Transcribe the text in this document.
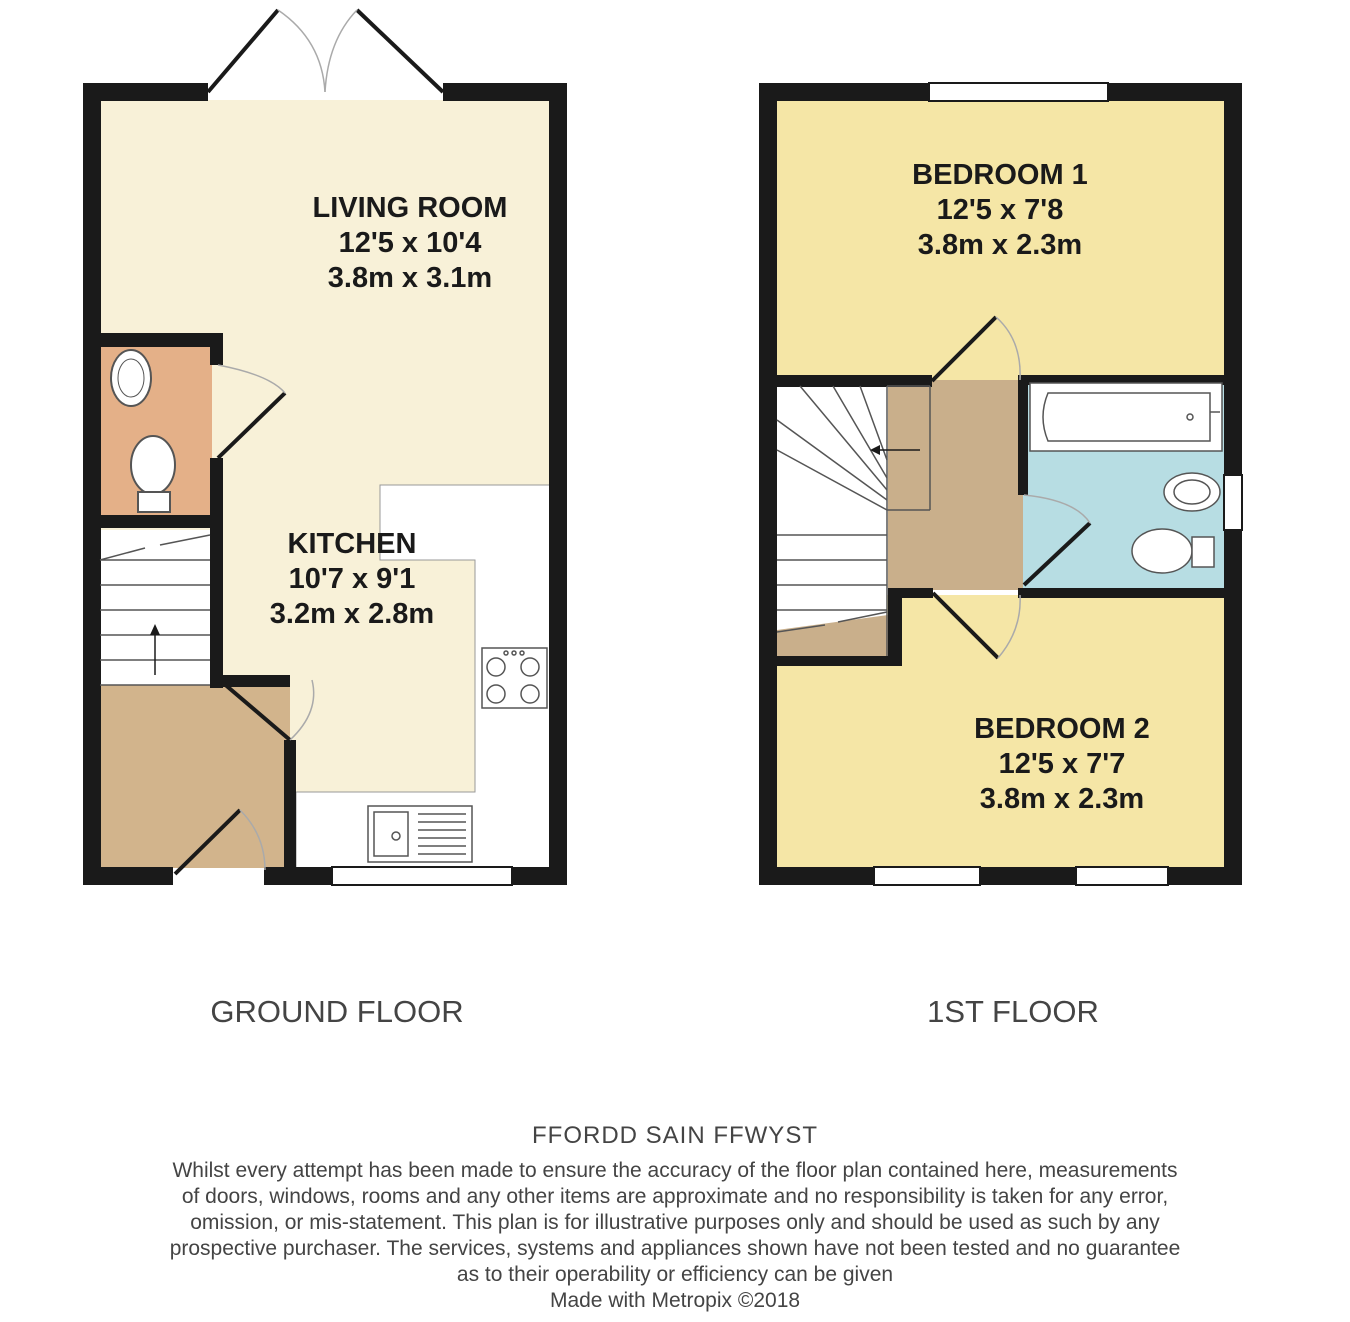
LIVING ROOM
12'5 x 10'4
3.8m x 3.1m
KITCHEN
10'7 x 9'1
3.2m x 2.8m
BEDROOM 1
12'5 x 7'8
3.8m x 2.3m
BEDROOM 2
12'5 x 7'7
3.8m x 2.3m
GROUND FLOOR	1ST FLOOR
FFORDD SAIN FFWYST
Whilst every attempt has been made to ensure the accuracy of the floor plan contained here, measurements
of doors, windows, rooms and any other items are approximate and no responsibility is taken for any error,
omission, or mis-statement. This plan is for illustrative purposes only and should be used as such by any
prospective purchaser. The services, systems and appliances shown have not been tested and no guarantee
as to their operability or efficiency can be given
Made with Metropix ©2018
